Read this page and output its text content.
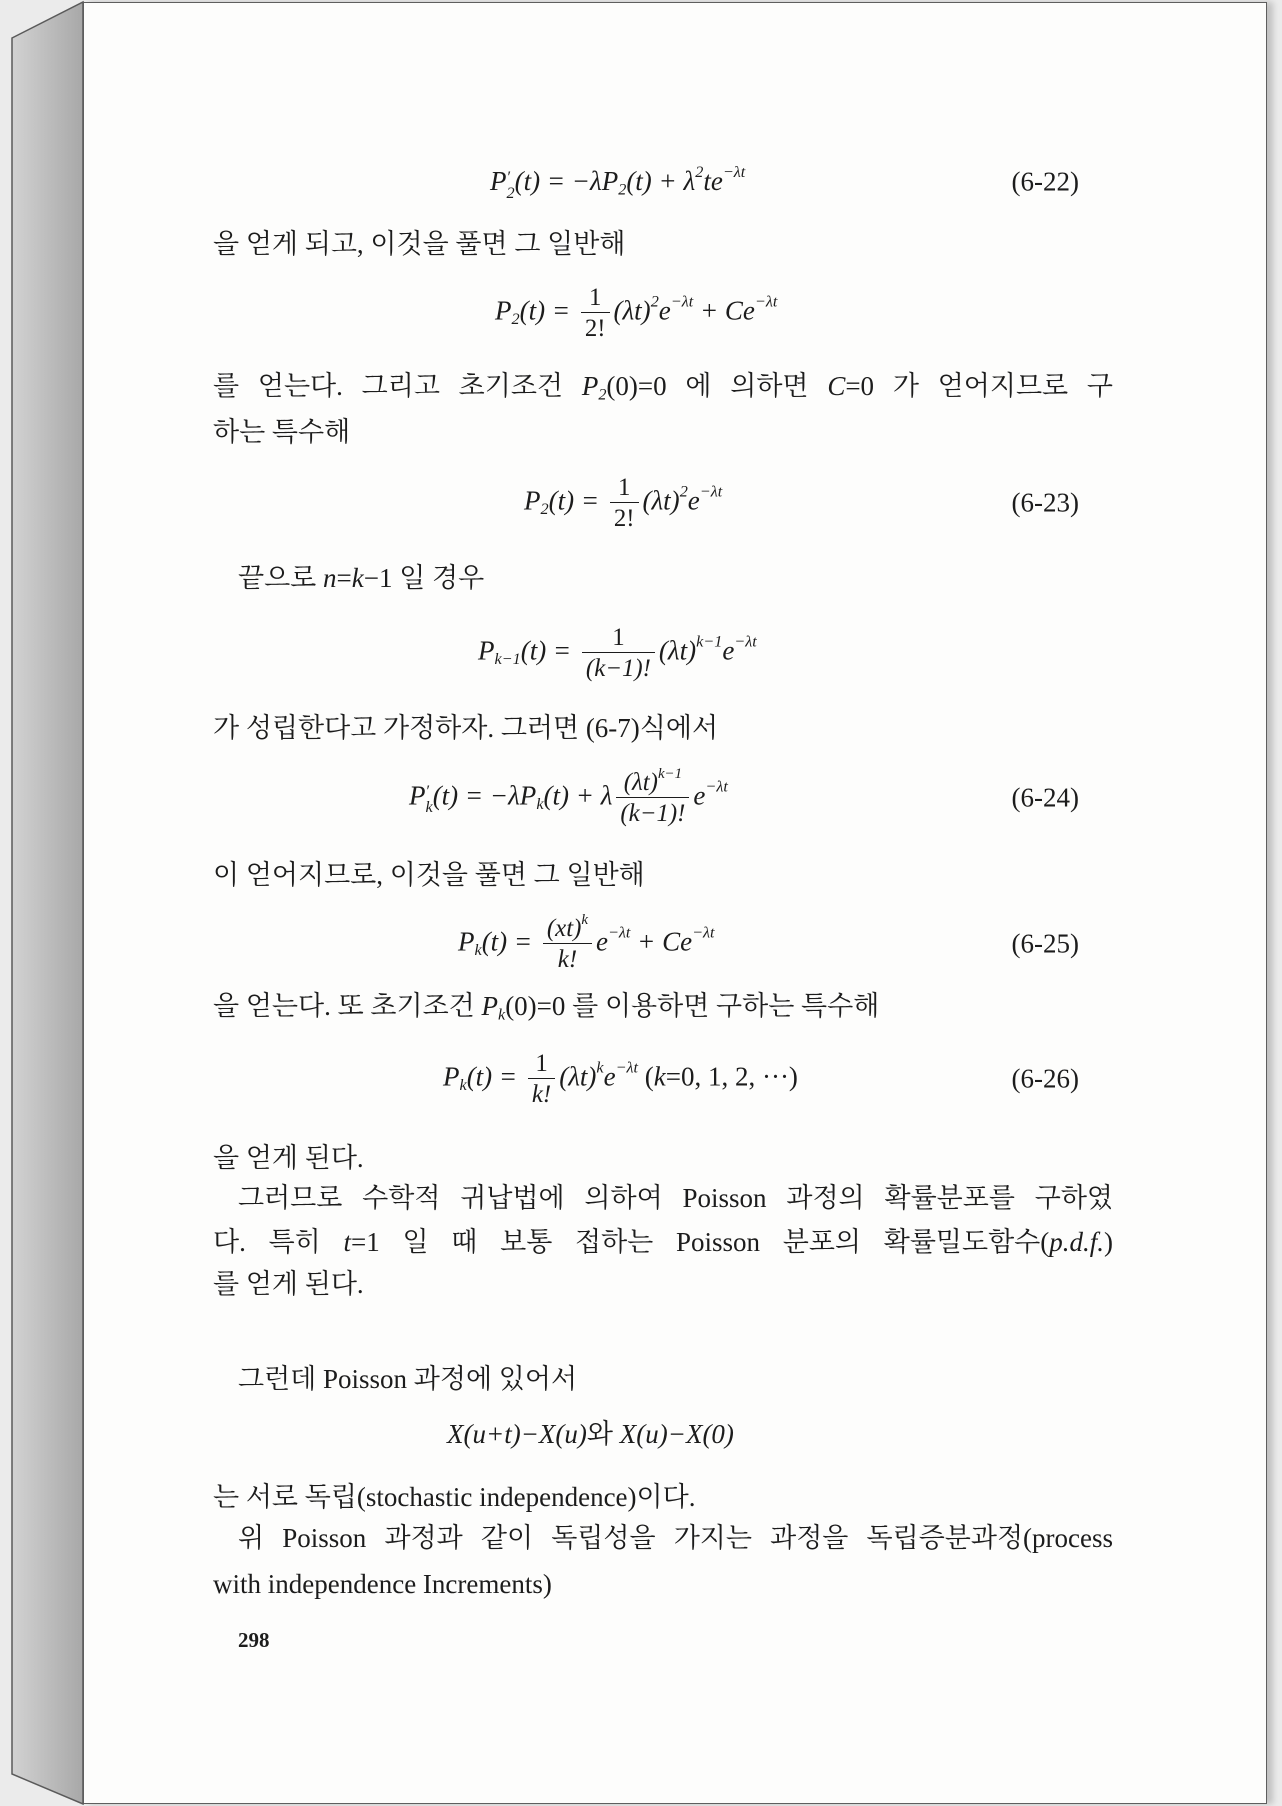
P ′
2 $(t) = -\lambda P_2(t) + \lambda^2te^{-\lambda t}$	(6-22)
을 얻게 되고, 이것을 풀면 그 일반해
$P_2(t) = \frac{1}{2!} (\lambda t)^2e^{-\lambda t} + Ce^{-\lambda t}$
를 얻는다. 그리고 초기조건 $P_2(0)=0$ 에 의하면 C=0 가 얻어지므로 구
하는 특수해
$P_2(t) = \frac{1}{2!} (\lambda t)^2e^{-\lambda t}$	(6-23)
끝으로 n=k−1 일 경우
$P_{k-1}(t) = \frac{1}{(k-1)!} (\lambda t)^{k-1}e^{-\lambda t}$
가 성립한다고 가정하자. 그러면 (6-7)식에서
P ′
k $(t) = -\lambda P_k(t) + \lambda \frac{(\lambda t)^{k-1}}{(k-1)!} e^{-\lambda t}$	(6-24)
이 얻어지므로, 이것을 풀면 그 일반해
$P_k(t) = \frac{(xt)^k}{k!} e^{-\lambda t} + Ce^{-\lambda t}$	(6-25)
을 얻는다. 또 초기조건 $P_k(0)=0$ 를 이용하면 구하는 특수해
$P_k(t) = \frac{1}{k!} (\lambda t)^ke^{-\lambda t}$ (k=0, 1, 2, ···)	(6-26)
을 얻게 된다.
그러므로 수학적 귀납법에 의하여 Poisson 과정의 확률분포를 구하였
다. 특히 t=1 일 때 보통 접하는 Poisson 분포의 확률밀도함수(p.d.f.)
를 얻게 된다.
그런데 Poisson 과정에 있어서
X(u+t)−X(u)와 X(u)−X(0)
는 서로 독립(stochastic independence)이다.
위 Poisson 과정과 같이 독립성을 가지는 과정을 독립증분과정(process
with independence Increments)
298
